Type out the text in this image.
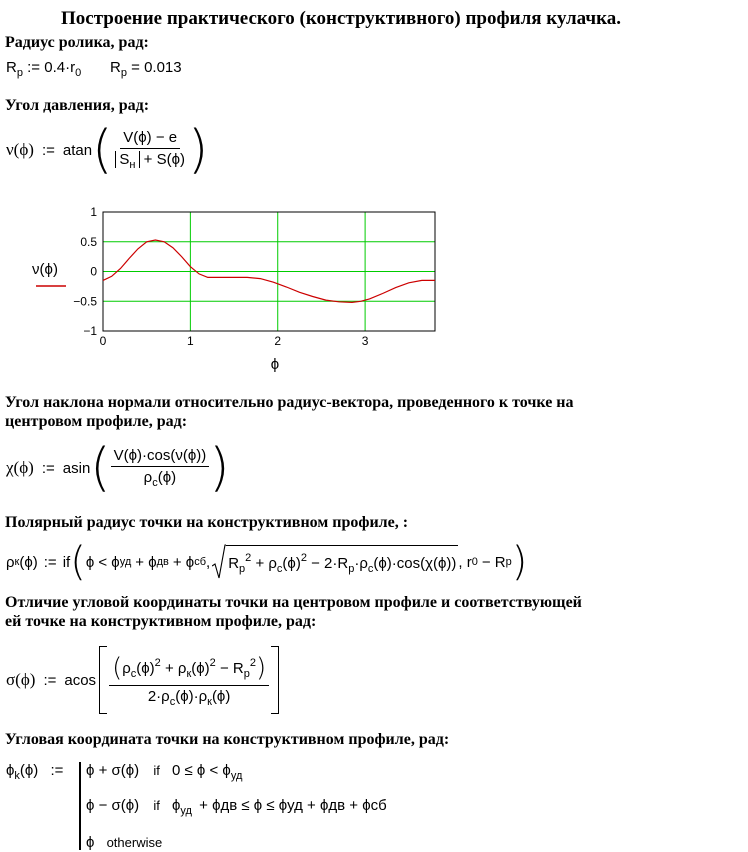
Построение практического (конструктивного) профиля кулачка.
Радиус ролика, рад:
$R_p$ := $0.4\cdot r_0$ $R_p = 0.013$
Угол давления, рад:
ν(ϕ) := atan ( $\frac{V(\phi) - e}{S_н + S(\phi)}$ )
1
0.5
0
−0.5
−1
0	1	2	3
ν(ϕ)
ϕ
Угол наклона нормали относительно радиус-вектора, проведенного к точке на
центровом профиле, рад:
χ(ϕ) := asin ( $\frac{V(\phi)\cdot\cos(\nu(\phi))}{\rho_c(\phi)}$ )
Полярный радиус точки на конструктивном профиле, :
ρ к (ϕ) := if ( ϕ < ϕ уд + ϕ дв + ϕ сб , $R_p^2 + \rho_c(\phi)^2 - 2\cdot R_p\cdot\rho_c(\phi)\cdot\cos(\chi(\phi))$ , r 0 − R p )
Отличие угловой координаты точки на центровом профиле и соответствующей
ей точке на конструктивном профиле, рад:
σ(ϕ) := acos $\frac{(\rho_c(\phi)^2 + \rho_к(\phi)^2 - R_p^2)}{2\cdot\rho_c(\phi)\cdot\rho_к(\phi)}$
Угловая координата точки на конструктивном профиле, рад:
$\phi_k(\phi)$ := ϕ + σ(ϕ) if $0 \le \phi < \phi_{уд}$
ϕ − σ(ϕ) if $\phi_{уд} + \phi дв \le \phi \le \phi уд + \phi дв + \phi сб$
ϕ otherwise
